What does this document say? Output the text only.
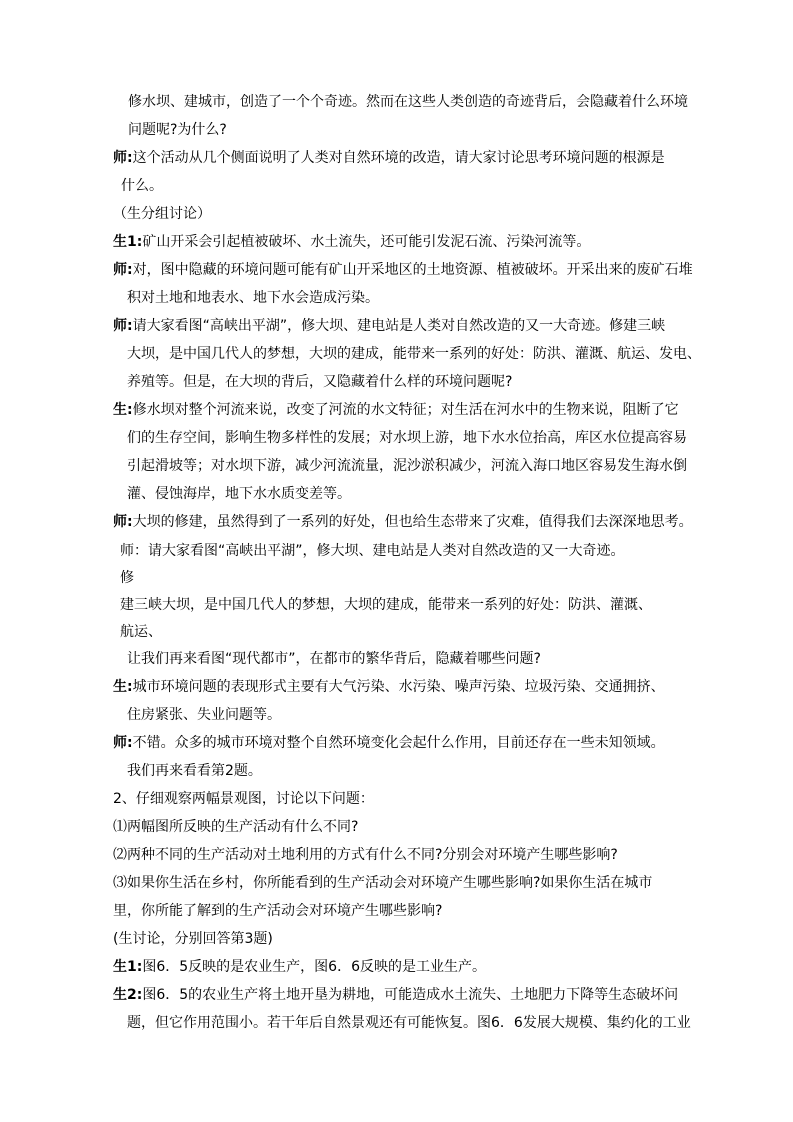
修水坝、建城市，创造了一个个奇迹。然而在这些人类创造的奇迹背后，会隐藏着什么环境
问题呢?为什么?
师:这个活动从几个侧面说明了人类对自然环境的改造，请大家讨论思考环境问题的根源是
什么。
（生分组讨论）
生1:矿山开采会引起植被破坏、水土流失，还可能引发泥石流、污染河流等。
师:对，图中隐藏的环境问题可能有矿山开采地区的土地资源、植被破坏。开采出来的废矿石堆
积对土地和地表水、地下水会造成污染。
师:请大家看图“高峡出平湖”，修大坝、建电站是人类对自然改造的又一大奇迹。修建三峡
大坝，是中国几代人的梦想，大坝的建成，能带来一系列的好处：防洪、灌溉、航运、发电、
养殖等。但是，在大坝的背后，又隐藏着什么样的环境问题呢?
生:修水坝对整个河流来说，改变了河流的水文特征；对生活在河水中的生物来说，阻断了它
们的生存空间，影响生物多样性的发展；对水坝上游，地下水水位抬高，库区水位提高容易
引起滑坡等；对水坝下游，减少河流流量，泥沙淤积减少，河流入海口地区容易发生海水倒
灌、侵蚀海岸，地下水水质变差等。
师:大坝的修建，虽然得到了一系列的好处，但也给生态带来了灾难，值得我们去深深地思考。
师：请大家看图“高峡出平湖”，修大坝、建电站是人类对自然改造的又一大奇迹。
修
建三峡大坝，是中国几代人的梦想，大坝的建成，能带来一系列的好处：防洪、灌溉、
航运、
让我们再来看图“现代都市”，在都市的繁华背后，隐藏着哪些问题?
生:城市环境问题的表现形式主要有大气污染、水污染、噪声污染、垃圾污染、交通拥挤、
住房紧张、失业问题等。
师:不错。众多的城市环境对整个自然环境变化会起什么作用，目前还存在一些未知领域。
我们再来看看第2题。
2、仔细观察两幅景观图，讨论以下问题：
⑴两幅图所反映的生产活动有什么不同?
⑵两种不同的生产活动对土地利用的方式有什么不同?分别会对环境产生哪些影响?
⑶如果你生活在乡村，你所能看到的生产活动会对环境产生哪些影响?如果你生活在城市
里，你所能了解到的生产活动会对环境产生哪些影响?
(生讨论，分别回答第3题)
生1:图6．5反映的是农业生产，图6．6反映的是工业生产。
生2:图6．5的农业生产将土地开垦为耕地，可能造成水土流失、土地肥力下降等生态破坏问
题，但它作用范围小。若干年后自然景观还有可能恢复。图6．6发展大规模、集约化的工业
